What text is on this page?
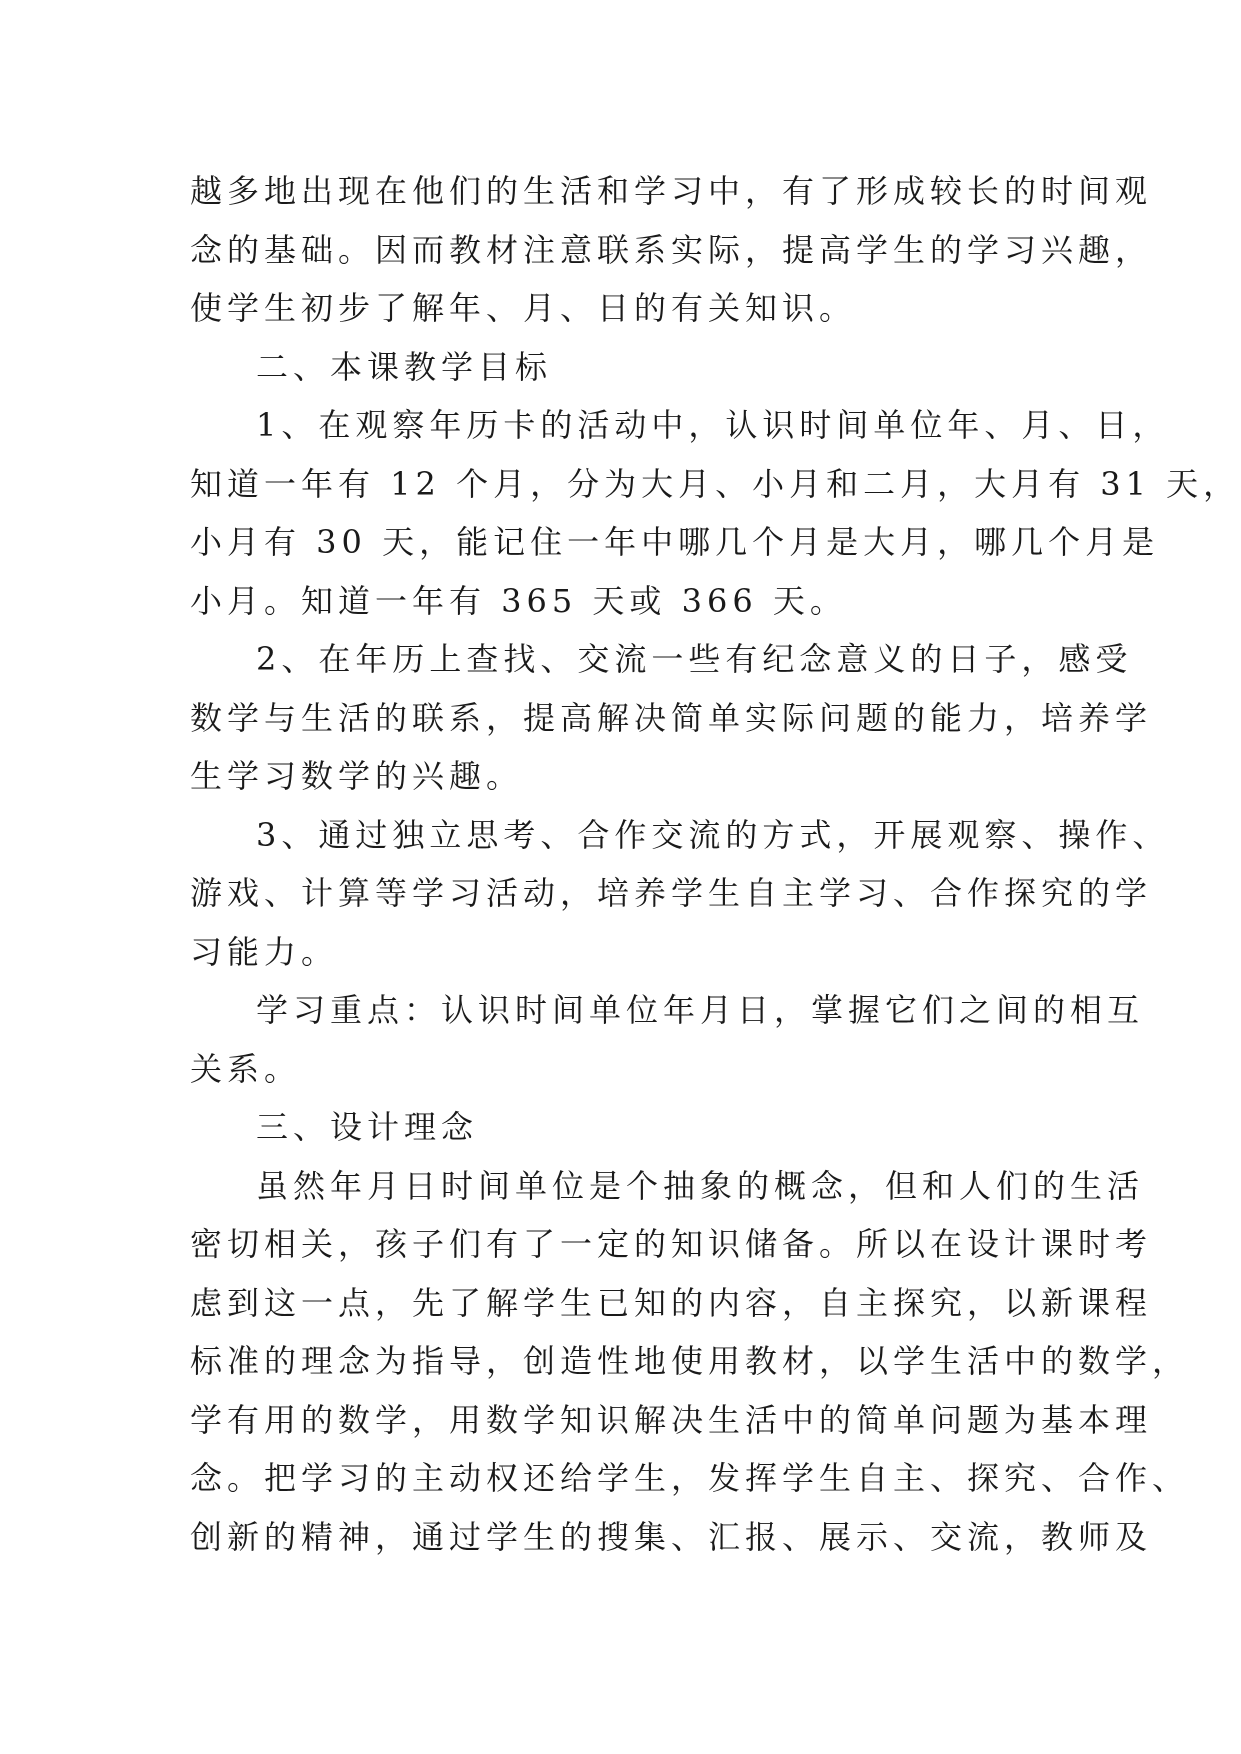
越多地出现在他们的生活和学习中，有了形成较长的时间观
念的基础。因而教材注意联系实际，提高学生的学习兴趣，
使学生初步了解年、月、日的有关知识。
二、本课教学目标
1、在观察年历卡的活动中，认识时间单位年、月、日，
知道一年有 12 个月，分为大月、小月和二月，大月有 31 天，
小月有 30 天，能记住一年中哪几个月是大月，哪几个月是
小月。知道一年有 365 天或 366 天。
2、在年历上查找、交流一些有纪念意义的日子，感受
数学与生活的联系，提高解决简单实际问题的能力，培养学
生学习数学的兴趣。
3、通过独立思考、合作交流的方式，开展观察、操作、
游戏、计算等学习活动，培养学生自主学习、合作探究的学
习能力。
学习重点：认识时间单位年月日，掌握它们之间的相互
关系。
三、设计理念
虽然年月日时间单位是个抽象的概念，但和人们的生活
密切相关，孩子们有了一定的知识储备。所以在设计课时考
虑到这一点，先了解学生已知的内容，自主探究，以新课程
标准的理念为指导，创造性地使用教材，以学生活中的数学，
学有用的数学，用数学知识解决生活中的简单问题为基本理
念。把学习的主动权还给学生，发挥学生自主、探究、合作、
创新的精神，通过学生的搜集、汇报、展示、交流，教师及
